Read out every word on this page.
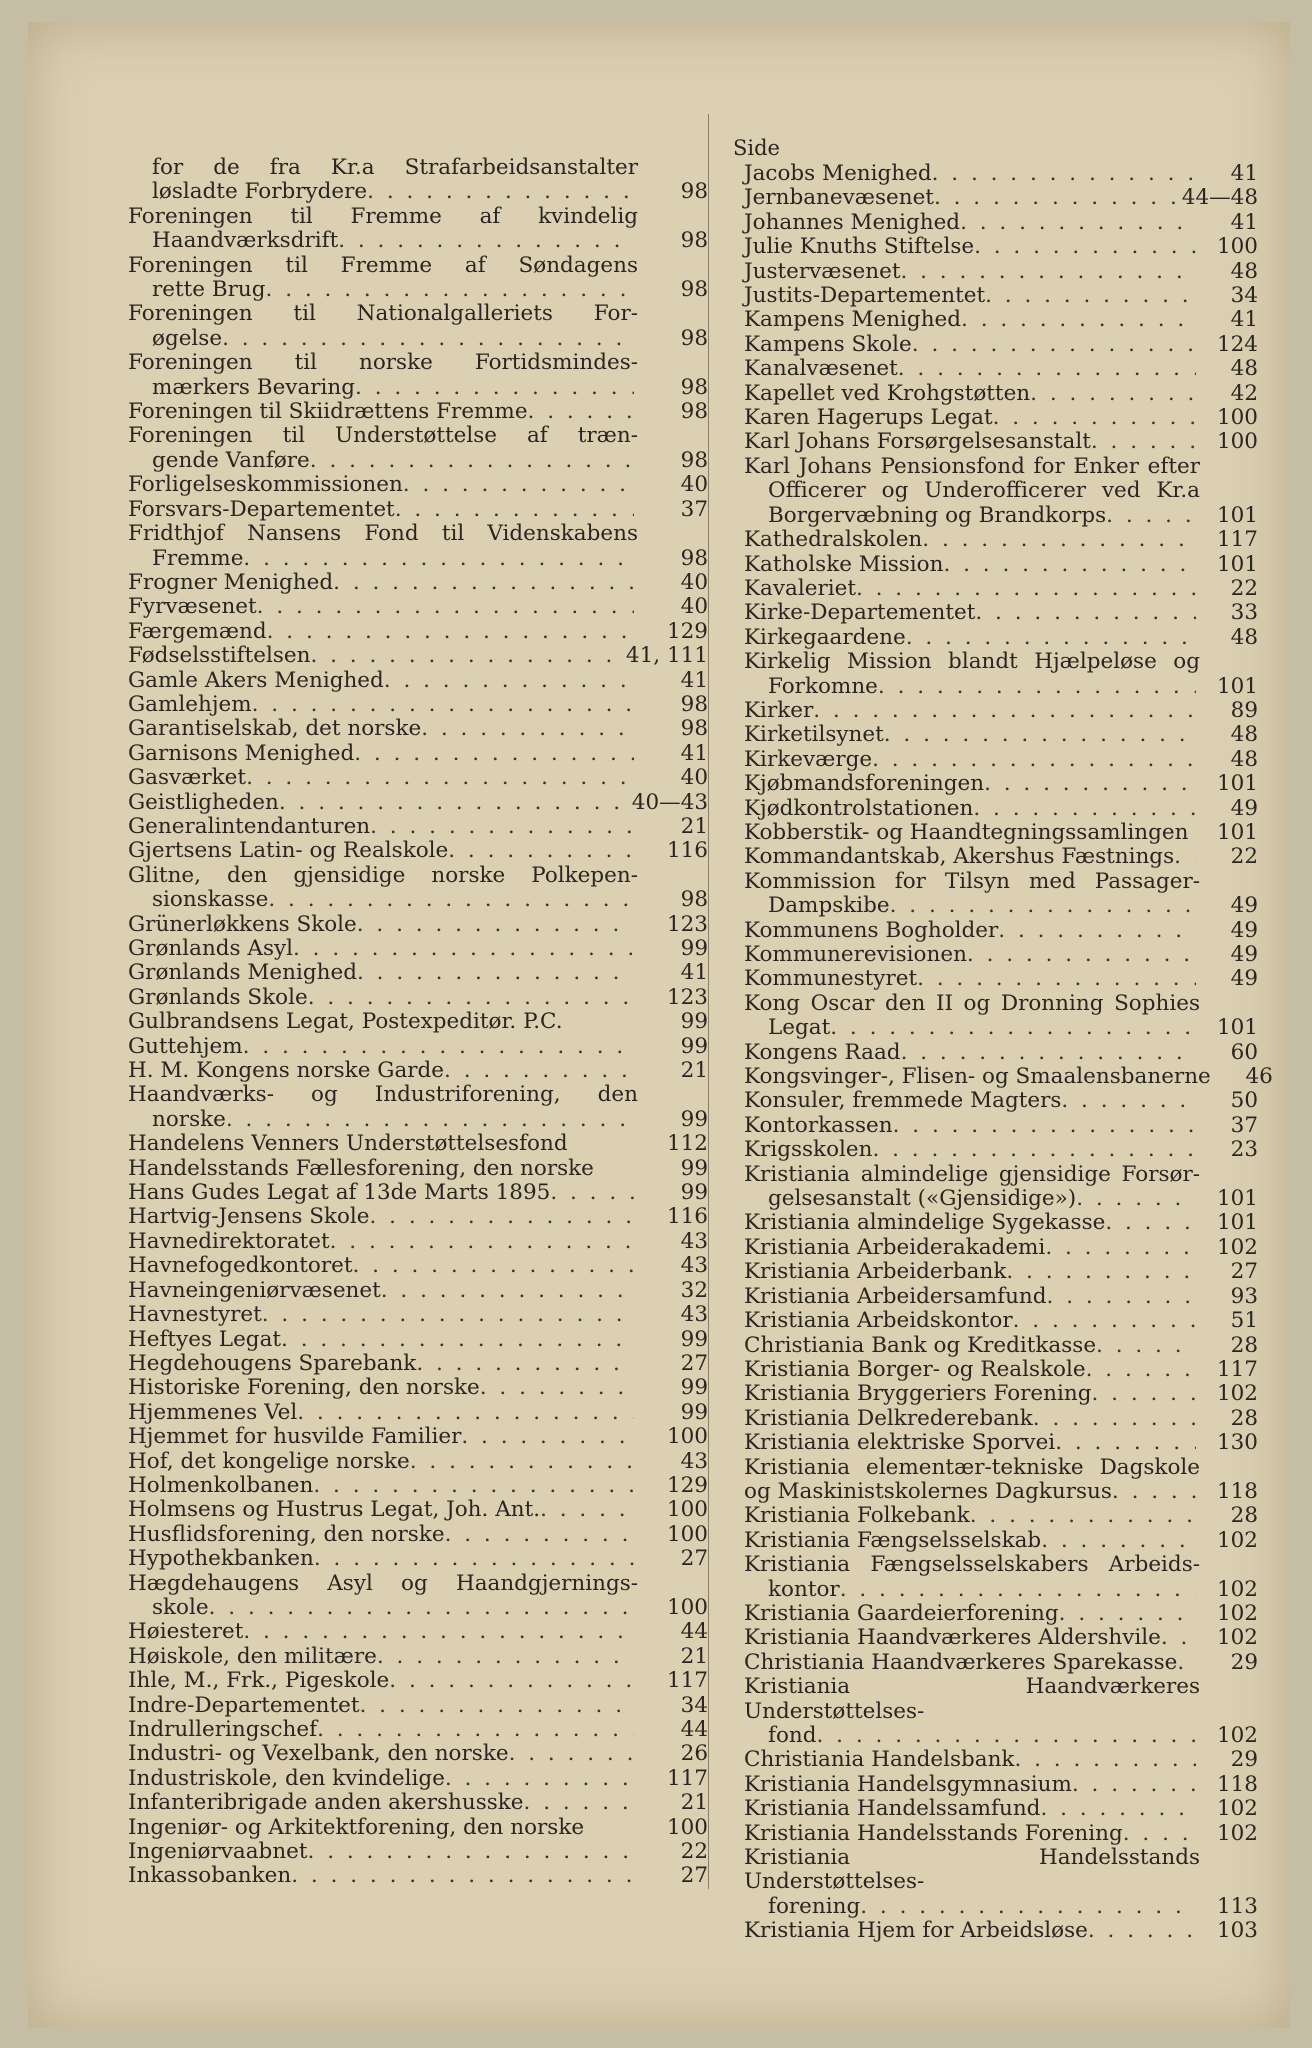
Side
for de fra Kr.a Strafarbeidsanstalter
løsladte Forbrydere . . .	98
Foreningen til Fremme af kvindelig
Haandværksdrift . . .	98
Foreningen til Fremme af Søndagens
rette Brug . . .	98
Foreningen til Nationalgalleriets For-
øgelse . . .	98
Foreningen til norske Fortidsmindes-
mærkers Bevaring . . .	98
Foreningen til Skiidrættens Fremme . . .	98
Foreningen til Understøttelse af træn-
gende Vanføre . . .	98
Forligelseskommissionen . . .	40
Forsvars-Departementet . . .	37
Fridthjof Nansens Fond til Videnskabens
Fremme . . .	98
Frogner Menighed . . .	40
Fyrvæsenet . . .	40
Færgemænd . . .	129
Fødselsstiftelsen . . .	41, 111
Gamle Akers Menighed . . .	41
Gamlehjem . . .	98
Garantiselskab, det norske . . .	98
Garnisons Menighed . . .	41
Gasværket . . .	40
Geistligheden . . .	40—43
Generalintendanturen . . .	21
Gjertsens Latin- og Realskole . . .	116
Glitne, den gjensidige norske Polkepen-
sionskasse . . .	98
Grünerløkkens Skole . . .	123
Grønlands Asyl . . .	99
Grønlands Menighed . . .	41
Grønlands Skole . . .	123
Gulbrandsens Legat, Postexpeditør. P.C.	99
Guttehjem . . .	99
H. M. Kongens norske Garde . . .	21
Haandværks- og Industriforening, den
norske . . .	99
Handelens Venners Understøttelsesfond	112
Handelsstands Fællesforening, den norske	99
Hans Gudes Legat af 13de Marts 1895 . . .	99
Hartvig-Jensens Skole . . .	116
Havnedirektoratet . . .	43
Havnefogedkontoret . . .	43
Havneingeniørvæsenet . . .	32
Havnestyret . . .	43
Heftyes Legat . . .	99
Hegdehougens Sparebank . . .	27
Historiske Forening, den norske . . .	99
Hjemmenes Vel . . .	99
Hjemmet for husvilde Familier . . .	100
Hof, det kongelige norske . . .	43
Holmenkolbanen . . .	129
Holmsens og Hustrus Legat, Joh. Ant. . . .	100
Husflidsforening, den norske . . .	100
Hypothekbanken . . .	27
Hægdehaugens Asyl og Haandgjernings-
skole . . .	100
Høiesteret . . .	44
Høiskole, den militære . . .	21
Ihle, M., Frk., Pigeskole . . .	117
Indre-Departementet . . .	34
Indrulleringschef . . .	44
Industri- og Vexelbank, den norske . . .	26
Industriskole, den kvindelige . . .	117
Infanteribrigade anden akershusske . . .	21
Ingeniør- og Arkitektforening, den norske	100
Ingeniørvaabnet . . .	22
Inkassobanken . . .	27
Jacobs Menighed . . .	41
Jernbanevæsenet . . .	44—48
Johannes Menighed . . .	41
Julie Knuths Stiftelse . . .	100
Justervæsenet . . .	48
Justits-Departementet . . .	34
Kampens Menighed . . .	41
Kampens Skole . . .	124
Kanalvæsenet . . .	48
Kapellet ved Krohgstøtten . . .	42
Karen Hagerups Legat . . .	100
Karl Johans Forsørgelsesanstalt . . .	100
Karl Johans Pensionsfond for Enker efter
Officerer og Underofficerer ved Kr.a
Borgervæbning og Brandkorps . . .	101
Kathedralskolen . . .	117
Katholske Mission . . .	101
Kavaleriet . . .	22
Kirke-Departementet . . .	33
Kirkegaardene . . .	48
Kirkelig Mission blandt Hjælpeløse og
Forkomne . . .	101
Kirker . . .	89
Kirketilsynet . . .	48
Kirkeværge . . .	48
Kjøbmandsforeningen . . .	101
Kjødkontrolstationen . . .	49
Kobberstik- og Haandtegningssamlingen	101
Kommandantskab, Akershus Fæstnings . . .	22
Kommission for Tilsyn med Passager-
Dampskibe . . .	49
Kommunens Bogholder . . .	49
Kommunerevisionen . . .	49
Kommunestyret . . .	49
Kong Oscar den II og Dronning Sophies
Legat . . .	101
Kongens Raad . . .	60
Kongsvinger-, Flisen- og Smaalensbanerne	46
Konsuler, fremmede Magters . . .	50
Kontorkassen . . .	37
Krigsskolen . . .	23
Kristiania almindelige gjensidige Forsør-
gelsesanstalt («Gjensidige») . . .	101
Kristiania almindelige Sygekasse . . .	101
Kristiania Arbeiderakademi . . .	102
Kristiania Arbeiderbank . . .	27
Kristiania Arbeidersamfund . . .	93
Kristiania Arbeidskontor . . .	51
Christiania Bank og Kreditkasse . . .	28
Kristiania Borger- og Realskole . . .	117
Kristiania Bryggeriers Forening . . .	102
Kristiania Delkrederebank . . .	28
Kristiania elektriske Sporvei . . .	130
Kristiania elementær-tekniske Dagskole
og Maskinistskolernes Dagkursus . . .	118
Kristiania Folkebank . . .	28
Kristiania Fængselsselskab . . .	102
Kristiania Fængselsselskabers Arbeids-
kontor . . .	102
Kristiania Gaardeierforening . . .	102
Kristiania Haandværkeres Aldershvile . . .	102
Christiania Haandværkeres Sparekasse . . .	29
Kristiania Haandværkeres Understøttelses-
fond . . .	102
Christiania Handelsbank . . .	29
Kristiania Handelsgymnasium . . .	118
Kristiania Handelssamfund . . .	102
Kristiania Handelsstands Forening . . .	102
Kristiania Handelsstands Understøttelses-
forening . . .	113
Kristiania Hjem for Arbeidsløse . . .	103
